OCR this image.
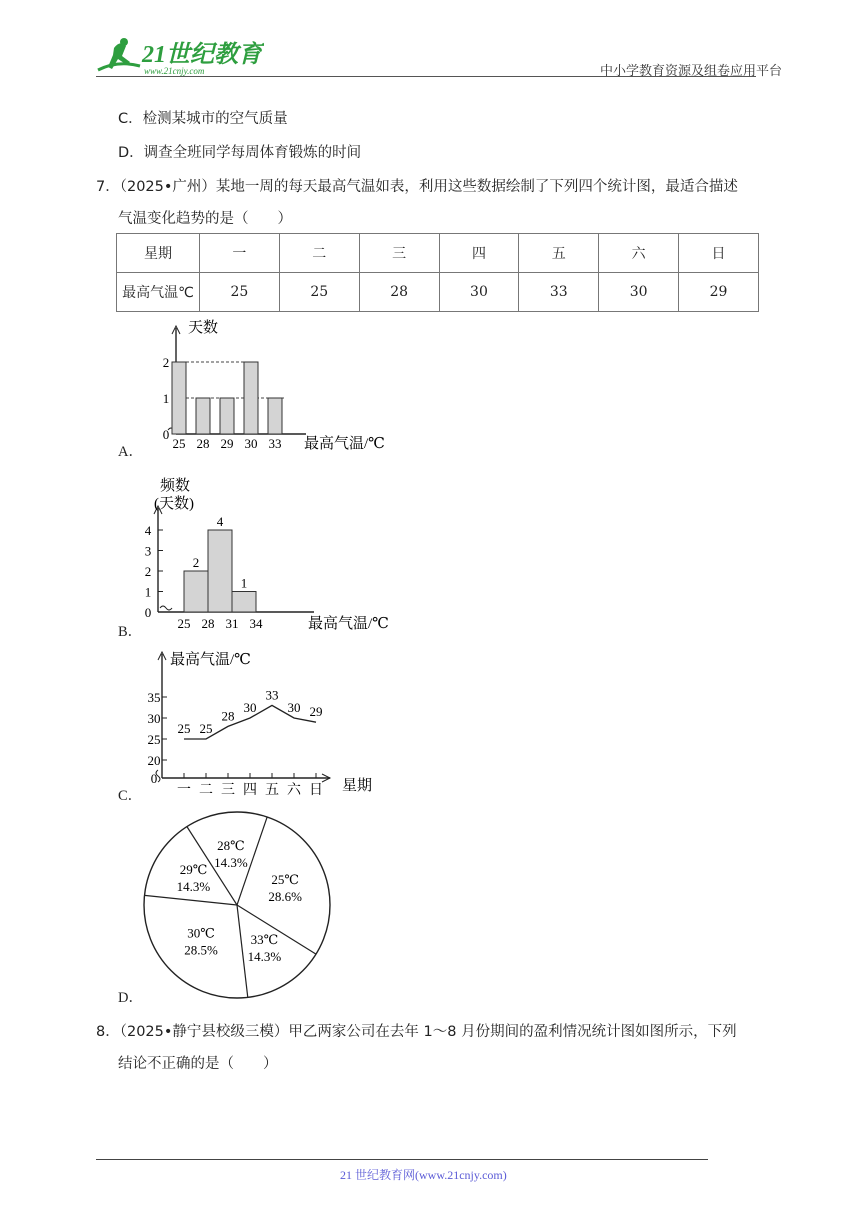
21世纪教育
www.21cnjy.com	中小学教育资源及组卷应用平台
C．检测某城市的空气质量
D．调查全班同学每周体育锻炼的时间
7．（2025•广州）某地一周的每天最高气温如表，利用这些数据绘制了下列四个统计图，最适合描述
气温变化趋势的是（　　）
星期	一	二	三	四	五	六	日
最高气温℃	25	25	28	30	33	30	29
A．
天数
最高气温/℃
0
1
2
25 28 29 30 33
B．
频数
(天数)
最高气温/℃
0
1
2
3
4
2
4
1
25 28 31 34
C．
最高气温/℃
星期
0
20
25
30
35
一
25
二
25
三
28
四
30
五
33
六
30
日
29
D．
25℃
28.6%
33℃
14.3%
30℃
28.5%
29℃
14.3%
28℃
14.3%
8．（2025•静宁县校级三模）甲乙两家公司在去年 1～8 月份期间的盈利情况统计图如图所示，下列
结论不正确的是（　　）
21 世纪教育网(www.21cnjy.com)
